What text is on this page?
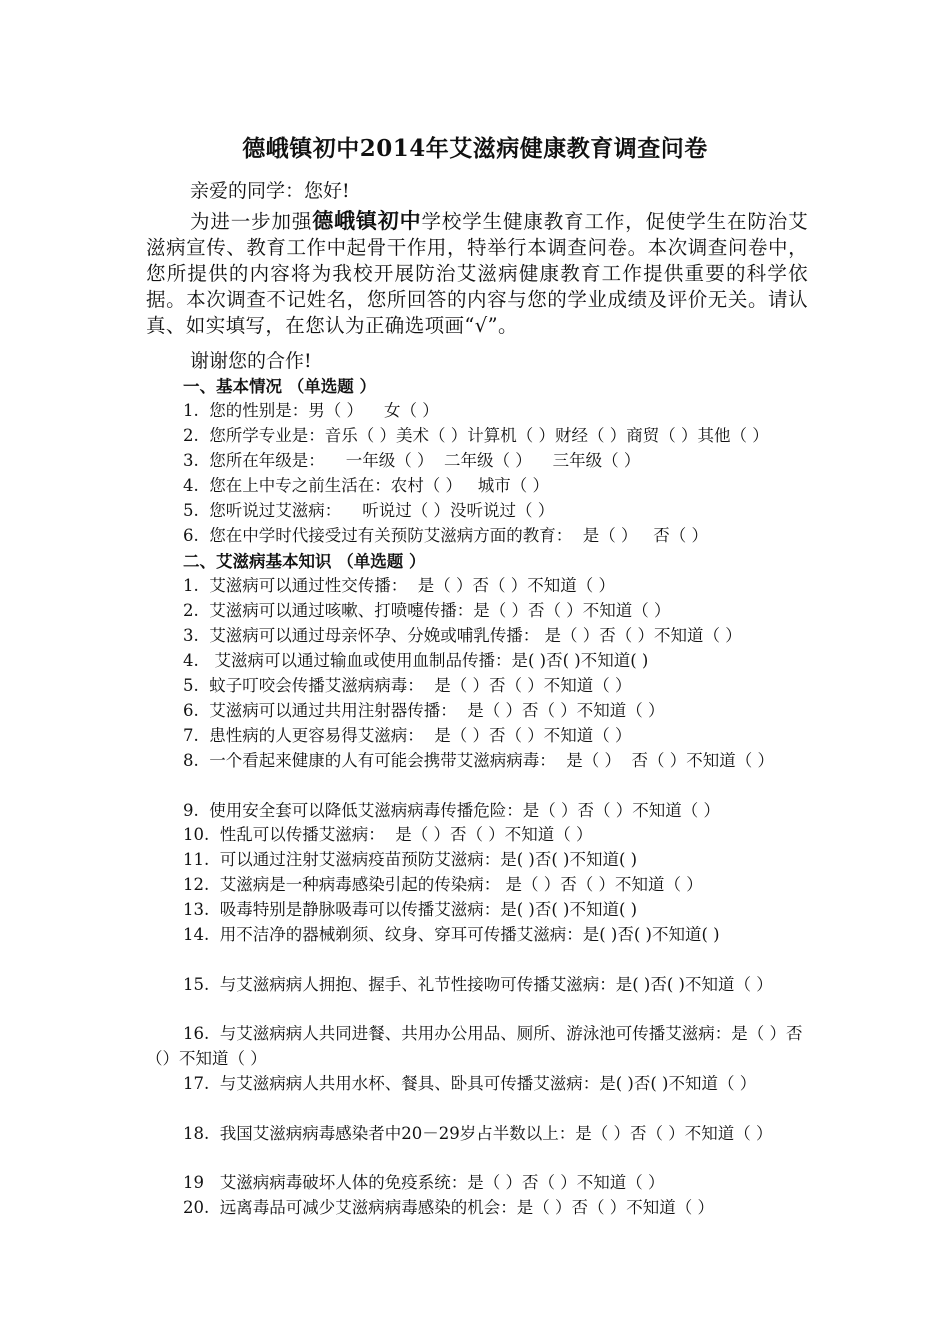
德峨镇初中2014年艾滋病健康教育调查问卷
亲爱的同学：您好!
为进一步加强德峨镇初中学校学生健康教育工作，促使学生在防治艾滋病宣传、教育工作中起骨干作用，特举行本调查问卷。本次调查问卷中，您所提供的内容将为我校开展防治艾滋病健康教育工作提供重要的科学依据。本次调查不记姓名，您所回答的内容与您的学业成绩及评价无关。请认真、如实填写，在您认为正确选项画“√”。
谢谢您的合作!
一、基本情况 （单选题 ）
1.  您的性别是：男（ ）    女（ ）
2.  您所学专业是：音乐（ ）美术（ ）计算机（ ）财经（ ）商贸（ ）其他（ ）
3.  您所在年级是：    一年级（ ）  二年级（ ）    三年级（ ）
4.  您在上中专之前生活在：农村（ ）   城市（ ）
5.  您听说过艾滋病：    听说过（ ）没听说过（ ）
6.  您在中学时代接受过有关预防艾滋病方面的教育：  是（ ）   否（ ）
二、艾滋病基本知识 （单选题 ）
1.  艾滋病可以通过性交传播：  是（ ）否（ ）不知道（ ）
2.  艾滋病可以通过咳嗽、打喷嚏传播：是（ ）否（ ）不知道（ ）
3.  艾滋病可以通过母亲怀孕、分娩或哺乳传播： 是（ ）否（ ）不知道（ ）
4.   艾滋病可以通过输血或使用血制品传播：是( )否( )不知道( )
5.  蚊子叮咬会传播艾滋病病毒：  是（ ）否（ ）不知道（ ）
6.  艾滋病可以通过共用注射器传播：  是（ ）否（ ）不知道（ ）
7.  患性病的人更容易得艾滋病：  是（ ）否（ ）不知道（ ）
8.  一个看起来健康的人有可能会携带艾滋病病毒：  是（ ）  否（ ）不知道（ ）
9.  使用安全套可以降低艾滋病病毒传播危险：是（ ）否（ ）不知道（ ）
10.  性乱可以传播艾滋病：  是（ ）否（ ）不知道（ ）
11.  可以通过注射艾滋病疫苗预防艾滋病：是( )否( )不知道( )
12.  艾滋病是一种病毒感染引起的传染病： 是（ ）否（ ）不知道（ ）
13.  吸毒特别是静脉吸毒可以传播艾滋病：是( )否( )不知道( )
14.  用不洁净的器械剃须、纹身、穿耳可传播艾滋病：是( )否( )不知道( )
15.  与艾滋病病人拥抱、握手、礼节性接吻可传播艾滋病：是( )否( )不知道（ ）
16.  与艾滋病病人共同进餐、共用办公用品、厕所、游泳池可传播艾滋病：是（ ）否（）不知道（ ）
17.  与艾滋病病人共用水杯、餐具、卧具可传播艾滋病：是( )否( )不知道（ ）
18.  我国艾滋病病毒感染者中20－29岁占半数以上：是（ ）否（ ）不知道（ ）
19   艾滋病病毒破坏人体的免疫系统：是（ ）否（ ）不知道（ ）
20.  远离毒品可减少艾滋病病毒感染的机会：是（ ）否（ ）不知道（ ）
